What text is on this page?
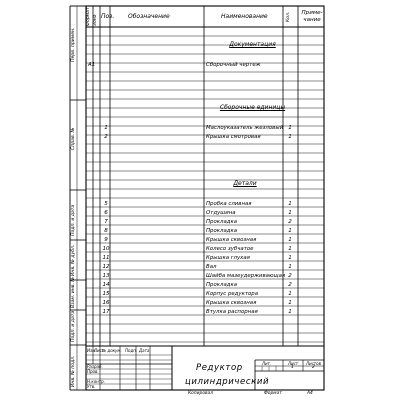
Формат Зона Поз. Обозначение	Наименование	Кол. Приме-чание
Перв. примен.
Справ. №
Подп. и дата
Инв. № дубл.
Взам. инв. №
Подп. и дата
Инв. № подл.
Документация
Сборочные единицы
Детали
А1	Сборочный чертеж
1	Маслоуказатель жезловый 1
2	Крышка смотровая	1
5	Пробка сливная	1
6	Отдушина	1
7	Прокладка	2
8	Прокладка	1
9	Крышка сквозная	1
10	Колесо зубчатое	1
11	Крышка глухая	1
12	Вал	1
13	Шайба мазеудерживающая 2
14	Прокладка	2
15	Корпус редуктора	1
16	Крышка сквозная	1
17	Втулка распорная	1
Изм.
Лист
№ докум. Подп. Дата
Разраб.
Пров.
Н.контр.
Утв.
Редуктор
цилиндрический
Лит.	Лист Листов
1	2
Копировал	Формат	А4
